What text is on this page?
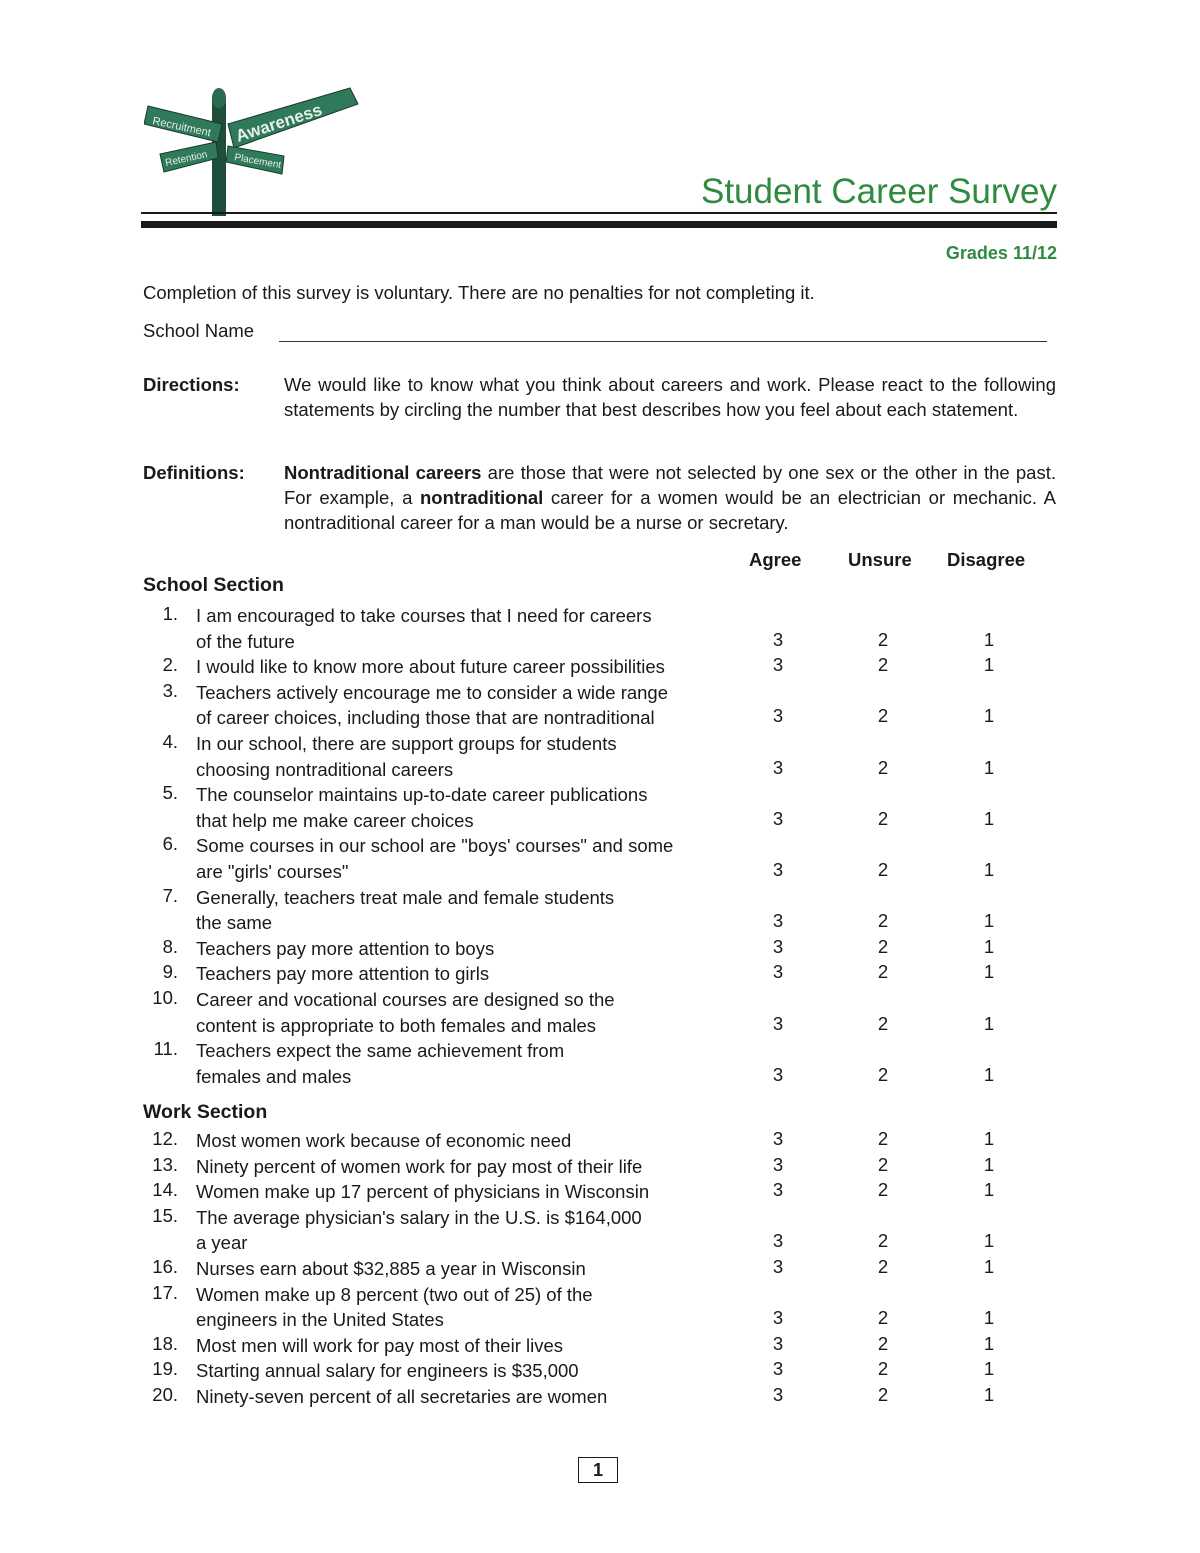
Recruitment Awareness
Retention Placement
Student Career Survey
Grades 11/12
Completion of this survey is voluntary. There are no penalties for not completing it.
School Name
Directions: We would like to know what you think about careers and work. Please react to the following statements by circling the number that best describes how you feel about each statement.
Definitions: Nontraditional careers are those that were not selected by one sex or the other in the past. For example, a nontraditional career for a women would be an electrician or mechanic. A nontraditional career for a man would be a nurse or secretary.
Agree	Unsure Disagree
School Section
1. I am encouraged to take courses that I need for careers
of the future	3	2	1
2. I would like to know more about future career possibilities	3	2	1
3. Teachers actively encourage me to consider a wide range
of career choices, including those that are nontraditional	3	2	1
4. In our school, there are support groups for students
choosing nontraditional careers	3	2	1
5. The counselor maintains up-to-date career publications
that help me make career choices	3	2	1
6. Some courses in our school are "boys' courses" and some
are "girls' courses"	3	2	1
7. Generally, teachers treat male and female students
the same	3	2	1
8. Teachers pay more attention to boys	3	2	1
9. Teachers pay more attention to girls	3	2	1
10. Career and vocational courses are designed so the
content is appropriate to both females and males	3	2	1
11. Teachers expect the same achievement from
females and males	3	2	1
Work Section
12. Most women work because of economic need	3	2	1
13. Ninety percent of women work for pay most of their life	3	2	1
14. Women make up 17 percent of physicians in Wisconsin	3	2	1
15. The average physician's salary in the U.S. is $164,000
a year	3	2	1
16. Nurses earn about $32,885 a year in Wisconsin	3	2	1
17. Women make up 8 percent (two out of 25) of the
engineers in the United States	3	2	1
18. Most men will work for pay most of their lives	3	2	1
19. Starting annual salary for engineers is $35,000	3	2	1
20. Ninety-seven percent of all secretaries are women	3	2	1
1
